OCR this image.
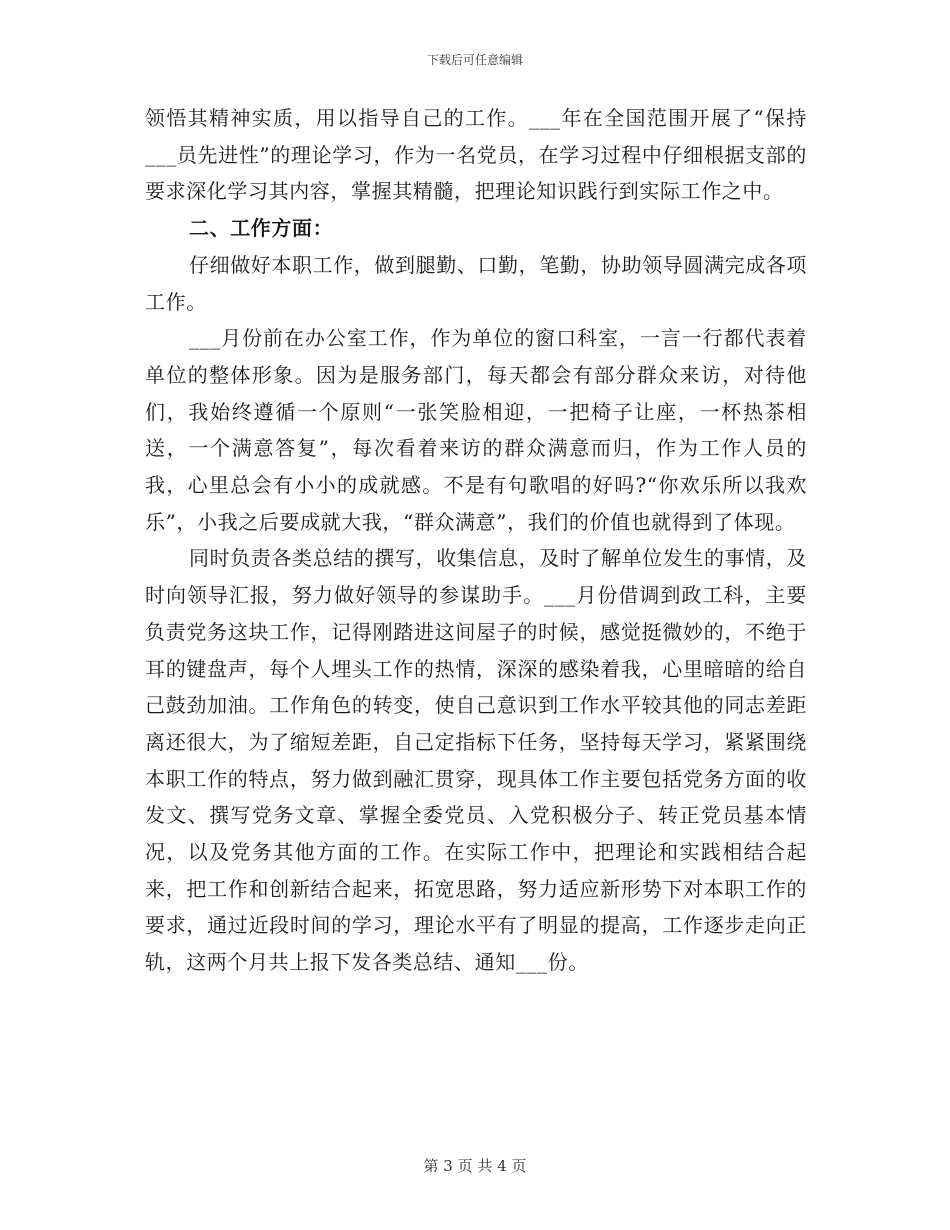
下载后可任意编辑

领悟其精神实质，用以指导自己的工作。___年在全国范围开展了“保持___员先进性”的理论学习，作为一名党员，在学习过程中仔细根据支部的要求深化学习其内容，掌握其精髓，把理论知识践行到实际工作之中。

二、工作方面：

仔细做好本职工作，做到腿勤、口勤，笔勤，协助领导圆满完成各项工作。

___月份前在办公室工作，作为单位的窗口科室，一言一行都代表着单位的整体形象。因为是服务部门，每天都会有部分群众来访，对待他们，我始终遵循一个原则“一张笑脸相迎，一把椅子让座，一杯热茶相送，一个满意答复”，每次看着来访的群众满意而归，作为工作人员的我，心里总会有小小的成就感。不是有句歌唱的好吗?“你欢乐所以我欢乐”，小我之后要成就大我，“群众满意”，我们的价值也就得到了体现。

同时负责各类总结的撰写，收集信息，及时了解单位发生的事情，及时向领导汇报，努力做好领导的参谋助手。___月份借调到政工科，主要负责党务这块工作，记得刚踏进这间屋子的时候，感觉挺微妙的，不绝于耳的键盘声，每个人埋头工作的热情，深深的感染着我，心里暗暗的给自己鼓劲加油。工作角色的转变，使自己意识到工作水平较其他的同志差距离还很大，为了缩短差距，自己定指标下任务，坚持每天学习，紧紧围绕本职工作的特点，努力做到融汇贯穿，现具体工作主要包括党务方面的收发文、撰写党务文章、掌握全委党员、入党积极分子、转正党员基本情况，以及党务其他方面的工作。在实际工作中，把理论和实践相结合起来，把工作和创新结合起来，拓宽思路，努力适应新形势下对本职工作的要求，通过近段时间的学习，理论水平有了明显的提高，工作逐步走向正轨，这两个月共上报下发各类总结、通知___份。

第 3 页 共 4 页
